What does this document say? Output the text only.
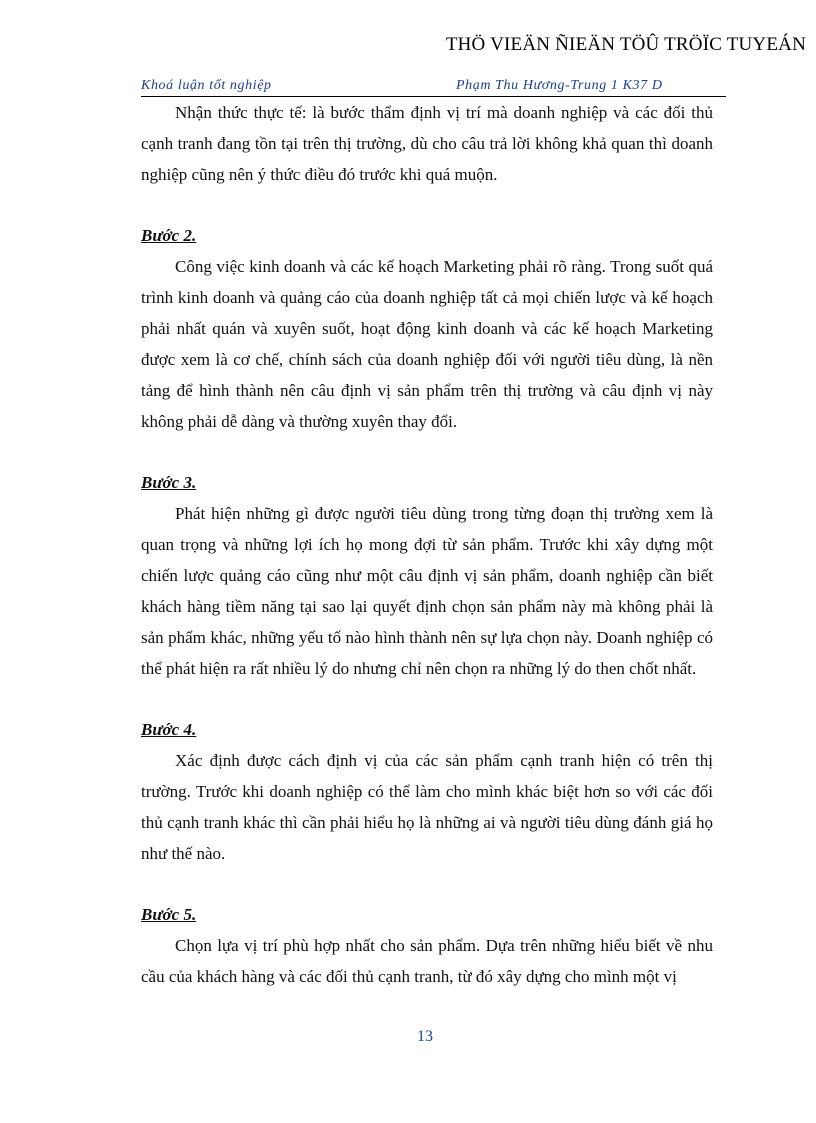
THÖ VIEÄN ÑIEÄN TÖÛ TRÖÏC TUYEÁN
Khoá luận tốt nghiệp	Phạm Thu Hương-Trung 1 K37 D

Nhận thức thực tế: là bước thẩm định vị trí mà doanh nghiệp và các đối thủ cạnh tranh đang tồn tại trên thị trường, dù cho câu trả lời không khả quan thì doanh nghiệp cũng nên ý thức điều đó trước khi quá muộn.

Bước 2.

Công việc kinh doanh và các kế hoạch Marketing phải rõ ràng. Trong suốt quá trình kinh doanh và quảng cáo của doanh nghiệp tất cả mọi chiến lược và kế hoạch phải nhất quán và xuyên suốt, hoạt động kinh doanh và các kế hoạch Marketing được xem là cơ chế, chính sách của doanh nghiệp đối với người tiêu dùng, là nền tảng để hình thành nên câu định vị sản phẩm trên thị trường và câu định vị này không phải dễ dàng và thường xuyên thay đổi.

Bước 3.

Phát hiện những gì được người tiêu dùng trong từng đoạn thị trường xem là quan trọng và những lợi ích họ mong đợi từ sản phẩm. Trước khi xây dựng một chiến lược quảng cáo cũng như một câu định vị sản phẩm, doanh nghiệp cần biết khách hàng tiềm năng tại sao lại quyết định chọn sản phẩm này mà không phải là sản phẩm khác, những yếu tố nào hình thành nên sự lựa chọn này. Doanh nghiệp có thể phát hiện ra rất nhiều lý do nhưng chỉ nên chọn ra những lý do then chốt nhất.

Bước 4.

Xác định được cách định vị của các sản phẩm cạnh tranh hiện có trên thị trường. Trước khi doanh nghiệp có thể làm cho mình khác biệt hơn so với các đối thủ cạnh tranh khác thì cần phải hiểu họ là những ai và người tiêu dùng đánh giá họ như thế nào.

Bước 5.

Chọn lựa vị trí phù hợp nhất cho sản phẩm. Dựa trên những hiểu biết về nhu cầu của khách hàng và các đối thủ cạnh tranh, từ đó xây dựng cho mình một vị

13
